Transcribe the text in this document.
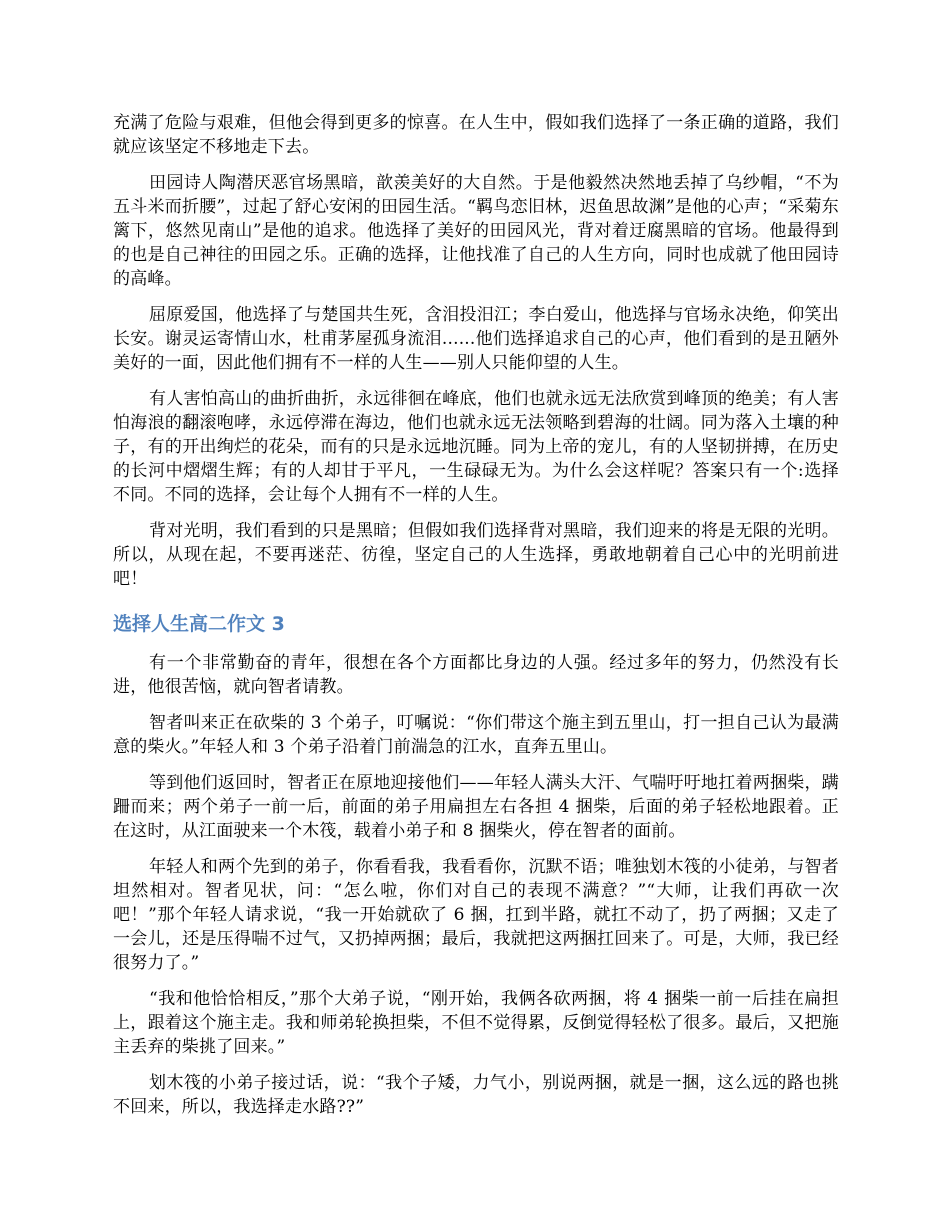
充满了危险与艰难，但他会得到更多的惊喜。在人生中，假如我们选择了一条正确的道路，我们就应该坚定不移地走下去。

田园诗人陶潜厌恶官场黑暗，歆羡美好的大自然。于是他毅然决然地丢掉了乌纱帽，“不为五斗米而折腰”，过起了舒心安闲的田园生活。“羁鸟恋旧林，迟鱼思故渊”是他的心声；“采菊东篱下，悠然见南山”是他的追求。他选择了美好的田园风光，背对着迂腐黑暗的官场。他最得到的也是自己神往的田园之乐。正确的选择，让他找准了自己的人生方向，同时也成就了他田园诗的高峰。

屈原爱国，他选择了与楚国共生死，含泪投汨江；李白爱山，他选择与官场永决绝，仰笑出长安。谢灵运寄情山水，杜甫茅屋孤身流泪......他们选择追求自己的心声，他们看到的是丑陋外美好的一面，因此他们拥有不一样的人生——别人只能仰望的人生。

有人害怕高山的曲折曲折，永远徘徊在峰底，他们也就永远无法欣赏到峰顶的绝美；有人害怕海浪的翻滚咆哮，永远停滞在海边，他们也就永远无法领略到碧海的壮阔。同为落入土壤的种子，有的开出绚烂的花朵，而有的只是永远地沉睡。同为上帝的宠儿，有的人坚韧拼搏，在历史的长河中熠熠生辉；有的人却甘于平凡，一生碌碌无为。为什么会这样呢？答案只有一个:选择不同。不同的选择，会让每个人拥有不一样的人生。

背对光明，我们看到的只是黑暗；但假如我们选择背对黑暗，我们迎来的将是无限的光明。所以，从现在起，不要再迷茫、彷徨，坚定自己的人生选择，勇敢地朝着自己心中的光明前进吧！

选择人生高二作文 3

有一个非常勤奋的青年，很想在各个方面都比身边的人强。经过多年的努力，仍然没有长进，他很苦恼，就向智者请教。

智者叫来正在砍柴的 3 个弟子，叮嘱说：“你们带这个施主到五里山，打一担自己认为最满意的柴火。”年轻人和 3 个弟子沿着门前湍急的江水，直奔五里山。

等到他们返回时，智者正在原地迎接他们——年轻人满头大汗、气喘吁吁地扛着两捆柴，蹒跚而来；两个弟子一前一后，前面的弟子用扁担左右各担 4 捆柴，后面的弟子轻松地跟着。正在这时，从江面驶来一个木筏，载着小弟子和 8 捆柴火，停在智者的面前。

年轻人和两个先到的弟子，你看看我，我看看你，沉默不语；唯独划木筏的小徒弟，与智者坦然相对。智者见状，问：“怎么啦，你们对自己的表现不满意？”“大师，让我们再砍一次吧！”那个年轻人请求说，“我一开始就砍了 6 捆，扛到半路，就扛不动了，扔了两捆；又走了一会儿，还是压得喘不过气，又扔掉两捆；最后，我就把这两捆扛回来了。可是，大师，我已经很努力了。”

“我和他恰恰相反，”那个大弟子说，“刚开始，我俩各砍两捆，将 4 捆柴一前一后挂在扁担上，跟着这个施主走。我和师弟轮换担柴，不但不觉得累，反倒觉得轻松了很多。最后，又把施主丢弃的柴挑了回来。”

划木筏的小弟子接过话，说：“我个子矮，力气小，别说两捆，就是一捆，这么远的路也挑不回来，所以，我选择走水路??”
